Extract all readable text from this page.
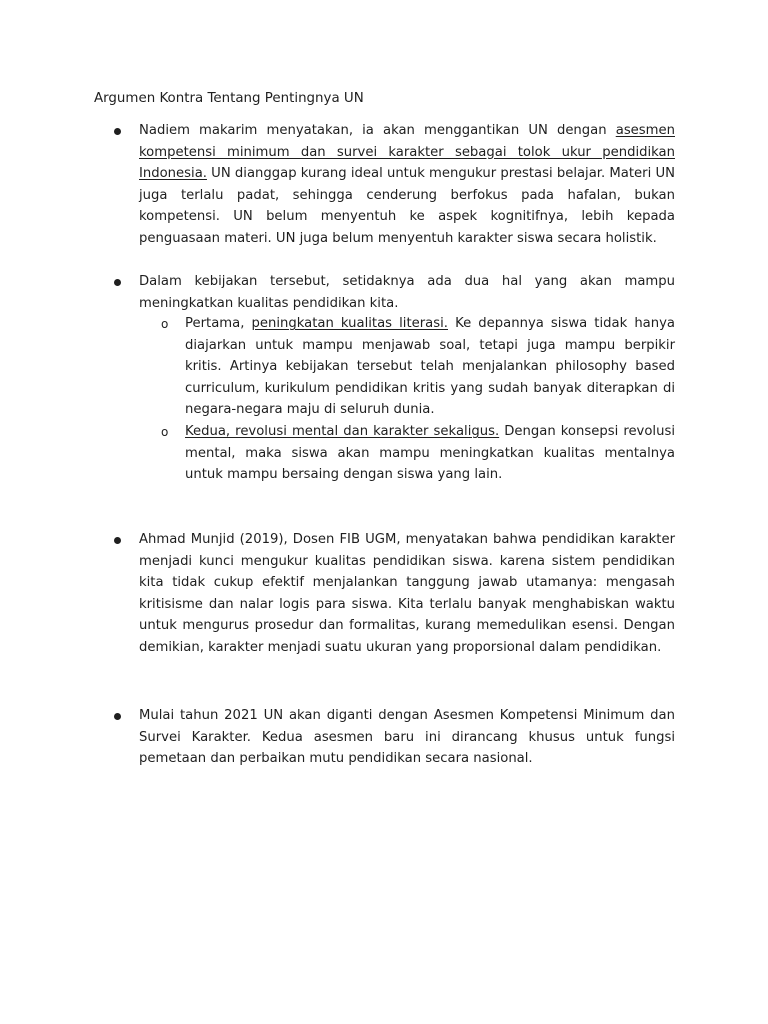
Argumen Kontra Tentang Pentingnya UN

Nadiem makarim menyatakan, ia akan menggantikan UN dengan asesmen kompetensi minimum dan survei karakter sebagai tolok ukur pendidikan Indonesia. UN dianggap kurang ideal untuk mengukur prestasi belajar. Materi UN juga terlalu padat, sehingga cenderung berfokus pada hafalan, bukan kompetensi. UN belum menyentuh ke aspek kognitifnya, lebih kepada penguasaan materi. UN juga belum menyentuh karakter siswa secara holistik.

Dalam kebijakan tersebut, setidaknya ada dua hal yang akan mampu meningkatkan kualitas pendidikan kita.

o Pertama, peningkatan kualitas literasi. Ke depannya siswa tidak hanya diajarkan untuk mampu menjawab soal, tetapi juga mampu berpikir kritis. Artinya kebijakan tersebut telah menjalankan philosophy based curriculum, kurikulum pendidikan kritis yang sudah banyak diterapkan di negara-negara maju di seluruh dunia.

o Kedua, revolusi mental dan karakter sekaligus. Dengan konsepsi revolusi mental, maka siswa akan mampu meningkatkan kualitas mentalnya untuk mampu bersaing dengan siswa yang lain.

Ahmad Munjid (2019), Dosen FIB UGM, menyatakan bahwa pendidikan karakter menjadi kunci mengukur kualitas pendidikan siswa. karena sistem pendidikan kita tidak cukup efektif menjalankan tanggung jawab utamanya: mengasah kritisisme dan nalar logis para siswa. Kita terlalu banyak menghabiskan waktu untuk mengurus prosedur dan formalitas, kurang memedulikan esensi. Dengan demikian, karakter menjadi suatu ukuran yang proporsional dalam pendidikan.

Mulai tahun 2021 UN akan diganti dengan Asesmen Kompetensi Minimum dan Survei Karakter. Kedua asesmen baru ini dirancang khusus untuk fungsi pemetaan dan perbaikan mutu pendidikan secara nasional.
